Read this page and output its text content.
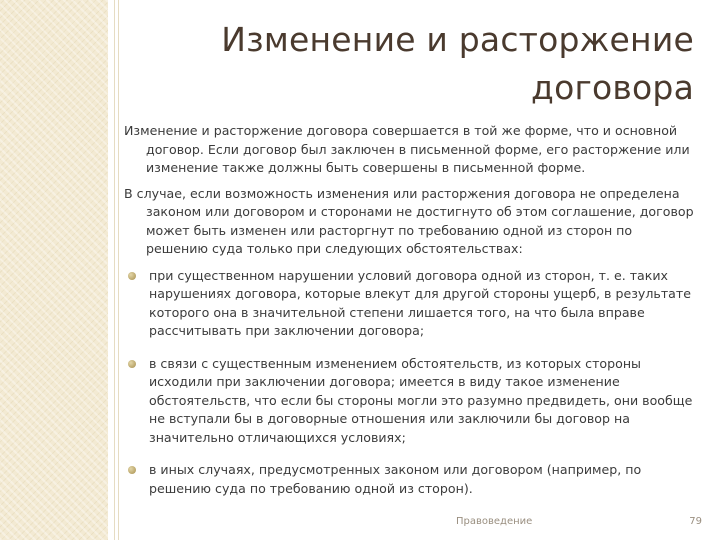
Изменение и расторжение
договора

Изменение и расторжение договора совершается в той же форме, что и основной договор. Если договор был заключен в письменной форме, его расторжение или изменение также должны быть совершены в письменной форме.

В случае, если возможность изменения или расторжения договора не определена законом или договором и сторонами не достигнуто об этом соглашение, договор может быть изменен или расторгнут по требованию одной из сторон по решению суда только при следующих обстоятельствах:

при существенном нарушении условий договора одной из сторон, т. е. таких нарушениях договора, которые влекут для другой стороны ущерб, в результате которого она в значительной степени лишается того, на что была вправе рассчитывать при заключении договора;
в связи с существенным изменением обстоятельств, из которых стороны исходили при заключении договора; имеется в виду такое изменение обстоятельств, что если бы стороны могли это разумно предвидеть, они вообще не вступали бы в договорные отношения или заключили бы договор на значительно отличающихся условиях;
в иных случаях, предусмотренных законом или договором (например, по решению суда по требованию одной из сторон).
Правоведение	79
